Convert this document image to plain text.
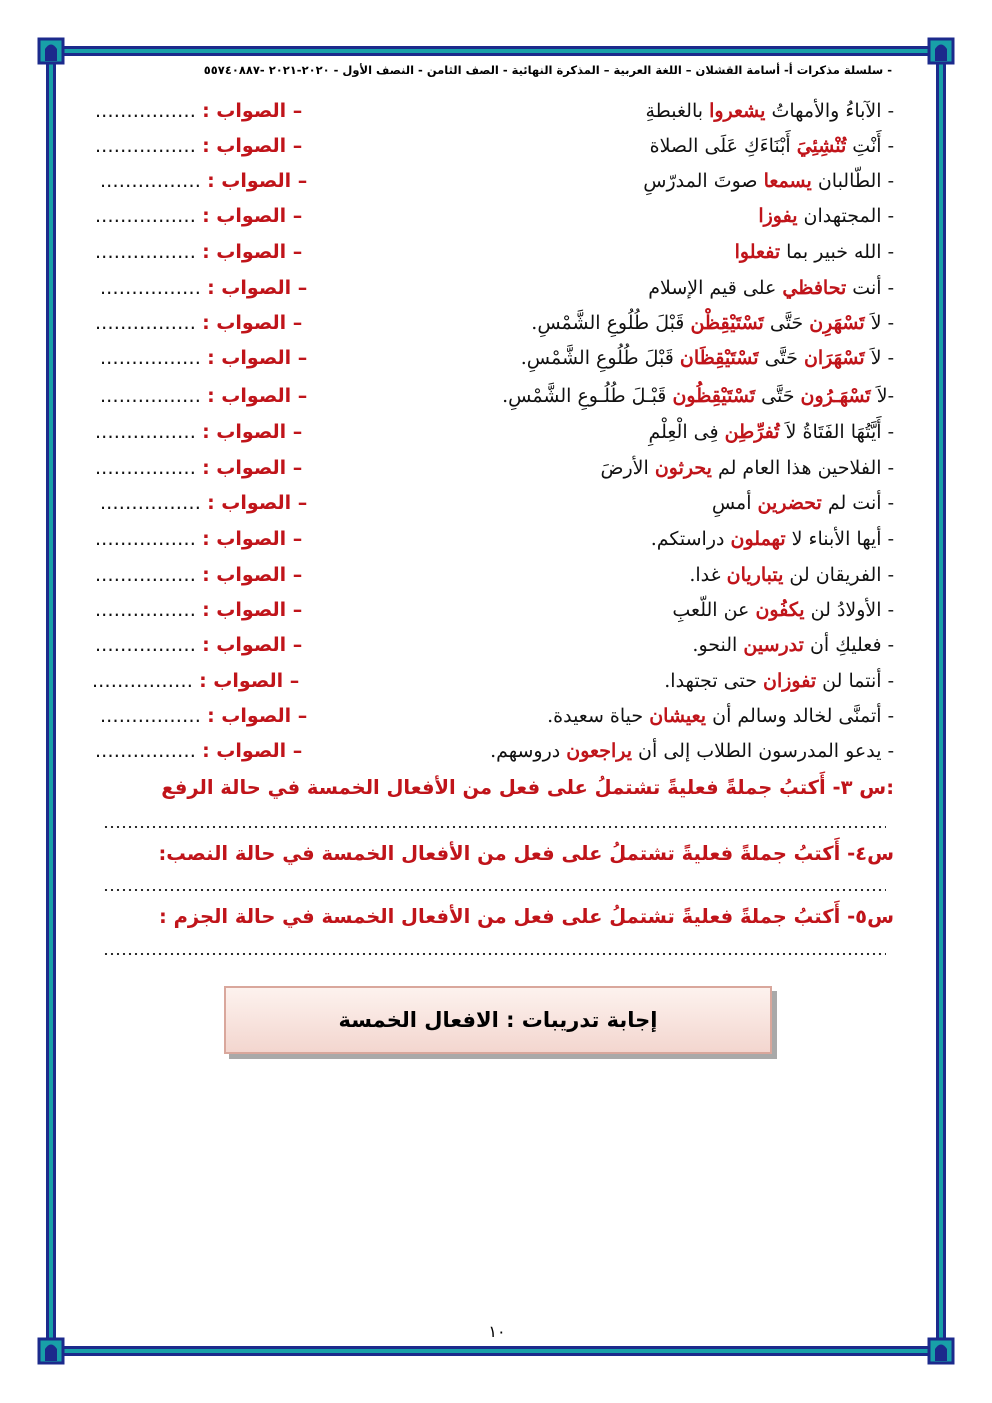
- سلسلة مذكرات أ- أسامة القشلان – اللغة العربية – المذكرة النهائية - الصف الثامن - النصف الأول - ٢٠٢٠-٢٠٢١ -٥٥٧٤٠٨٨٧
- الآباءُ والأمهاتُ يشعروا بالغبطةِ
– الصواب : …………….
- أَنْتِ تُنْشِئِيَ أَبْنَاءَكِ عَلَى الصلاة
– الصواب : …………….
- الطّالبان يسمعا صوتَ المدرّسِ
– الصواب : …………….
- المجتهدان يفوزا
– الصواب : …………….
- الله خبير بما تفعلوا
– الصواب : …………….
- أنت تحافظي على قيم الإسلام
– الصواب : …………….
- لاَ تَسْهَرِن حَتَّى تَسْتَيْقِظْن قَبْلَ طُلُوعِ الشَّمْسِ.
– الصواب : …………….
- لاَ تَسْهَرَان حَتَّى تَسْتَيْقِظَان قَبْلَ طُلُوعِ الشَّمْسِ.
– الصواب : …………….
-لاَ تَسْهَـرُون حَتَّى تَسْتَيْقِظُون قَبْـلَ طُلُـوعِ الشَّمْسِ.
– الصواب : …………….
- أَيَّتُهَا الفَتَاةُ لاَ تُفرِّطِن فِى الْعِلْمِ
– الصواب : …………….
- الفلاحين هذا العام لم يحرثون الأرضَ
– الصواب : …………….
- أنت لم تحضرين أمسِ
– الصواب : …………….
- أيها الأبناء لا تهملون دراستكم.
– الصواب : …………….
- الفريقان لن يتباريان غدا.
– الصواب : …………….
- الأولادُ لن يكفُون عن اللّعبِ
– الصواب : …………….
- فعليكِ أن تدرسين النحو.
– الصواب : …………….
- أنتما لن تفوزان حتى تجتهدا.
– الصواب : …………….
- أتمنَّى لخالد وسالم أن يعيشان حياة سعيدة.
– الصواب : …………….
- يدعو المدرسون الطلاب إلى أن يراجعون دروسهم.
– الصواب : …………….
:س ٣- أَكتبُ جملةً فعليةً تشتملُ على فعل من الأفعال الخمسة في حالة الرفع
س٤- أَكتبُ جملةً فعليةً تشتملُ على فعل من الأفعال الخمسة في حالة النصب:
س٥- أَكتبُ جملةً فعليةً تشتملُ على فعل من الأفعال الخمسة في حالة الجزم :
إجابة تدريبات : الافعال الخمسة
١٠
